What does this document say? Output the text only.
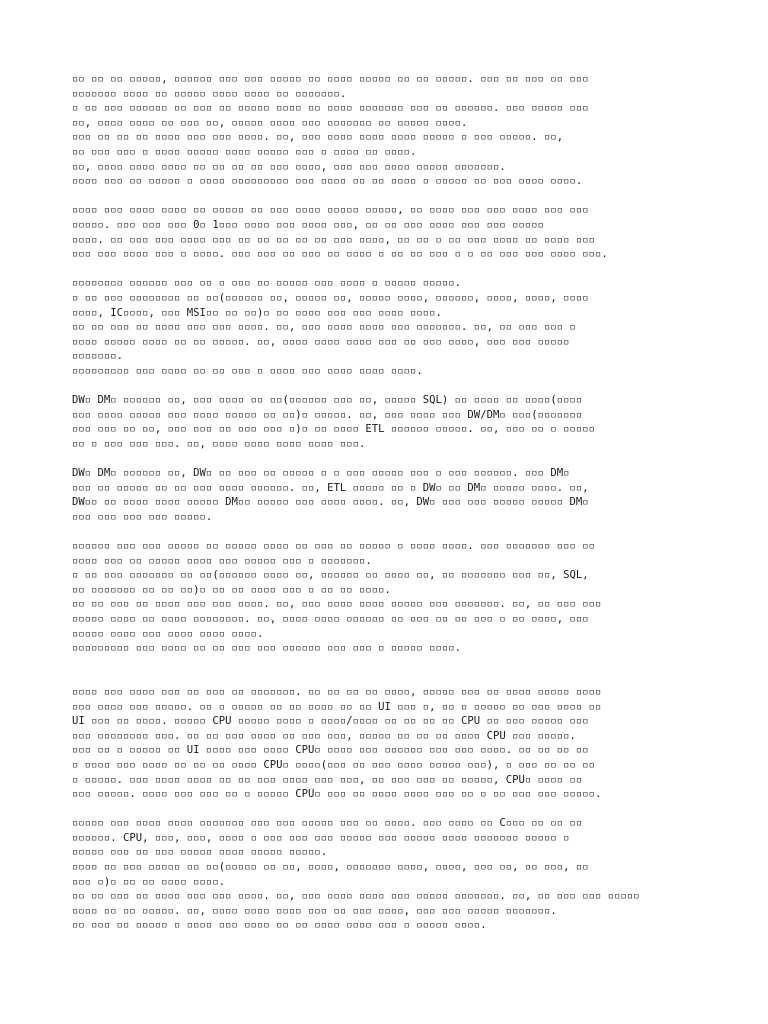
▫▫ ▫▫ ▫▫ ▫▫▫▫▫, ▫▫▫▫▫▫ ▫▫▫ ▫▫▫ ▫▫▫▫▫ ▫▫ ▫▫▫▫ ▫▫▫▫▫ ▫▫ ▫▫ ▫▫▫▫▫. ▫▫▫ ▫▫ ▫▫▫ ▫▫ ▫▫▫
▫▫▫▫▫▫▫ ▫▫▫▫ ▫▫ ▫▫▫▫▫ ▫▫▫▫ ▫▫▫▫ ▫▫ ▫▫▫▫▫▫▫.
▫ ▫▫ ▫▫▫ ▫▫▫▫▫▫ ▫▫ ▫▫▫ ▫▫ ▫▫▫▫▫ ▫▫▫▫ ▫▫ ▫▫▫▫ ▫▫▫▫▫▫▫ ▫▫▫ ▫▫ ▫▫▫▫▫▫. ▫▫▫ ▫▫▫▫▫ ▫▫▫
▫▫, ▫▫▫▫ ▫▫▫▫ ▫▫ ▫▫▫ ▫▫, ▫▫▫▫▫ ▫▫▫▫ ▫▫▫ ▫▫▫▫▫▫▫ ▫▫ ▫▫▫▫▫ ▫▫▫▫.
▫▫▫ ▫▫ ▫▫ ▫▫ ▫▫▫▫ ▫▫▫ ▫▫▫ ▫▫▫▫. ▫▫, ▫▫▫ ▫▫▫▫ ▫▫▫▫ ▫▫▫▫ ▫▫▫▫▫ ▫ ▫▫▫ ▫▫▫▫▫. ▫▫,
▫▫ ▫▫▫ ▫▫▫ ▫ ▫▫▫▫ ▫▫▫▫▫ ▫▫▫▫ ▫▫▫▫▫ ▫▫▫ ▫ ▫▫▫▫ ▫▫ ▫▫▫▫.
▫▫, ▫▫▫▫ ▫▫▫▫ ▫▫▫▫ ▫▫ ▫▫ ▫▫ ▫▫ ▫▫▫ ▫▫▫▫, ▫▫▫ ▫▫▫ ▫▫▫▫ ▫▫▫▫▫ ▫▫▫▫▫▫▫.
▫▫▫▫ ▫▫▫ ▫▫ ▫▫▫▫▫ ▫ ▫▫▫▫ ▫▫▫▫▫▫▫▫▫ ▫▫▫ ▫▫▫▫ ▫▫ ▫▫ ▫▫▫▫ ▫ ▫▫▫▫▫ ▫▫ ▫▫▫ ▫▫▫▫ ▫▫▫▫.
▫▫▫▫ ▫▫▫ ▫▫▫▫ ▫▫▫▫ ▫▫ ▫▫▫▫▫ ▫▫ ▫▫▫ ▫▫▫▫ ▫▫▫▫▫ ▫▫▫▫▫, ▫▫ ▫▫▫▫ ▫▫▫ ▫▫▫ ▫▫▫▫ ▫▫▫ ▫▫▫
▫▫▫▫▫. ▫▫▫ ▫▫▫ ▫▫▫ 0▫ 1▫▫▫ ▫▫▫▫ ▫▫▫ ▫▫▫▫ ▫▫▫, ▫▫ ▫▫ ▫▫▫ ▫▫▫▫ ▫▫▫ ▫▫▫ ▫▫▫▫▫
▫▫▫▫. ▫▫ ▫▫▫ ▫▫▫ ▫▫▫▫ ▫▫▫ ▫▫ ▫▫ ▫▫ ▫▫ ▫▫ ▫▫▫ ▫▫▫▫, ▫▫ ▫▫ ▫ ▫▫ ▫▫▫ ▫▫▫▫ ▫▫ ▫▫▫▫ ▫▫▫
▫▫▫ ▫▫▫ ▫▫▫▫ ▫▫▫ ▫ ▫▫▫▫. ▫▫▫ ▫▫▫ ▫▫ ▫▫▫ ▫▫ ▫▫▫▫ ▫ ▫▫ ▫▫ ▫▫▫ ▫ ▫ ▫▫ ▫▫▫ ▫▫▫ ▫▫▫▫ ▫▫▫.
▫▫▫▫▫▫▫▫ ▫▫▫▫▫▫ ▫▫▫ ▫▫ ▫ ▫▫▫ ▫▫ ▫▫▫▫▫ ▫▫▫ ▫▫▫▫ ▫ ▫▫▫▫▫ ▫▫▫▫▫.
▫ ▫▫ ▫▫▫ ▫▫▫▫▫▫▫▫ ▫▫ ▫▫(▫▫▫▫▫▫ ▫▫, ▫▫▫▫▫ ▫▫, ▫▫▫▫▫ ▫▫▫▫, ▫▫▫▫▫▫, ▫▫▫▫, ▫▫▫▫, ▫▫▫▫
▫▫▫▫, IC▫▫▫▫, ▫▫▫ MSI▫▫ ▫▫ ▫▫)▫ ▫▫ ▫▫▫▫ ▫▫▫ ▫▫▫ ▫▫▫▫ ▫▫▫▫.
▫▫ ▫▫ ▫▫▫ ▫▫ ▫▫▫▫ ▫▫▫ ▫▫▫ ▫▫▫▫. ▫▫, ▫▫▫ ▫▫▫▫ ▫▫▫▫ ▫▫▫ ▫▫▫▫▫▫▫. ▫▫, ▫▫ ▫▫▫ ▫▫▫ ▫
▫▫▫▫ ▫▫▫▫▫ ▫▫▫▫ ▫▫ ▫▫ ▫▫▫▫▫. ▫▫, ▫▫▫▫ ▫▫▫▫ ▫▫▫▫ ▫▫▫ ▫▫ ▫▫▫ ▫▫▫▫, ▫▫▫ ▫▫▫ ▫▫▫▫▫
▫▫▫▫▫▫▫.
▫▫▫▫▫▫▫▫▫ ▫▫▫ ▫▫▫▫ ▫▫ ▫▫ ▫▫▫ ▫ ▫▫▫▫ ▫▫▫ ▫▫▫▫ ▫▫▫▫ ▫▫▫▫.
DW▫ DM▫ ▫▫▫▫▫▫ ▫▫, ▫▫▫ ▫▫▫▫ ▫▫ ▫▫(▫▫▫▫▫▫ ▫▫▫ ▫▫, ▫▫▫▫▫ SQL) ▫▫ ▫▫▫▫ ▫▫ ▫▫▫▫(▫▫▫▫
▫▫▫ ▫▫▫▫ ▫▫▫▫▫ ▫▫▫ ▫▫▫▫ ▫▫▫▫▫ ▫▫ ▫▫)▫ ▫▫▫▫▫. ▫▫, ▫▫▫ ▫▫▫▫ ▫▫▫ DW/DM▫ ▫▫▫(▫▫▫▫▫▫▫
▫▫▫ ▫▫▫ ▫▫ ▫▫, ▫▫▫ ▫▫▫ ▫▫ ▫▫▫ ▫▫▫ ▫)▫ ▫▫ ▫▫▫▫ ETL ▫▫▫▫▫▫ ▫▫▫▫▫. ▫▫, ▫▫▫ ▫▫ ▫ ▫▫▫▫▫
▫▫ ▫ ▫▫▫ ▫▫▫ ▫▫▫. ▫▫, ▫▫▫▫ ▫▫▫▫ ▫▫▫▫ ▫▫▫▫ ▫▫▫.
DW▫ DM▫ ▫▫▫▫▫▫ ▫▫, DW▫ ▫▫ ▫▫▫ ▫▫ ▫▫▫▫▫ ▫ ▫ ▫▫▫ ▫▫▫▫▫ ▫▫▫ ▫ ▫▫▫ ▫▫▫▫▫▫. ▫▫▫ DM▫
▫▫▫ ▫▫ ▫▫▫▫▫ ▫▫ ▫▫ ▫▫▫ ▫▫▫▫ ▫▫▫▫▫▫. ▫▫, ETL ▫▫▫▫▫ ▫▫ ▫ DW▫ ▫▫ DM▫ ▫▫▫▫▫ ▫▫▫▫. ▫▫,
DW▫▫ ▫▫ ▫▫▫▫ ▫▫▫▫ ▫▫▫▫▫ DM▫▫ ▫▫▫▫▫ ▫▫▫ ▫▫▫▫ ▫▫▫▫. ▫▫, DW▫ ▫▫▫ ▫▫▫ ▫▫▫▫▫ ▫▫▫▫▫ DM▫
▫▫▫ ▫▫▫ ▫▫▫ ▫▫▫ ▫▫▫▫▫.
▫▫▫▫▫▫ ▫▫▫ ▫▫▫ ▫▫▫▫▫ ▫▫ ▫▫▫▫▫ ▫▫▫▫ ▫▫ ▫▫▫ ▫▫ ▫▫▫▫▫ ▫ ▫▫▫▫ ▫▫▫▫. ▫▫▫ ▫▫▫▫▫▫▫ ▫▫▫ ▫▫
▫▫▫▫ ▫▫▫ ▫▫ ▫▫▫▫▫ ▫▫▫▫ ▫▫▫ ▫▫▫▫▫ ▫▫▫ ▫ ▫▫▫▫▫▫▫.
▫ ▫▫ ▫▫▫ ▫▫▫▫▫▫▫ ▫▫ ▫▫(▫▫▫▫▫▫ ▫▫▫▫ ▫▫, ▫▫▫▫▫▫ ▫▫ ▫▫▫▫ ▫▫, ▫▫ ▫▫▫▫▫▫▫ ▫▫▫ ▫▫, SQL,
▫▫ ▫▫▫▫▫▫▫ ▫▫ ▫▫ ▫▫)▫ ▫▫ ▫▫ ▫▫▫▫ ▫▫▫ ▫ ▫▫ ▫▫ ▫▫▫▫.
▫▫ ▫▫ ▫▫▫ ▫▫ ▫▫▫▫ ▫▫▫ ▫▫▫ ▫▫▫▫. ▫▫, ▫▫▫ ▫▫▫▫ ▫▫▫▫ ▫▫▫▫▫ ▫▫▫ ▫▫▫▫▫▫▫. ▫▫, ▫▫ ▫▫▫ ▫▫▫
▫▫▫▫▫ ▫▫▫▫ ▫▫ ▫▫▫▫ ▫▫▫▫▫▫▫▫. ▫▫, ▫▫▫▫ ▫▫▫▫ ▫▫▫▫▫▫ ▫▫ ▫▫▫ ▫▫ ▫▫ ▫▫▫ ▫ ▫▫ ▫▫▫▫, ▫▫▫
▫▫▫▫▫ ▫▫▫▫ ▫▫▫ ▫▫▫▫ ▫▫▫▫ ▫▫▫▫.
▫▫▫▫▫▫▫▫▫ ▫▫▫ ▫▫▫▫ ▫▫ ▫▫ ▫▫▫ ▫▫▫ ▫▫▫▫▫▫ ▫▫▫ ▫▫▫ ▫ ▫▫▫▫▫ ▫▫▫▫.
▫▫▫▫ ▫▫▫ ▫▫▫▫ ▫▫▫ ▫▫ ▫▫▫ ▫▫ ▫▫▫▫▫▫▫. ▫▫ ▫▫ ▫▫ ▫▫ ▫▫▫▫, ▫▫▫▫▫ ▫▫▫ ▫▫ ▫▫▫▫ ▫▫▫▫▫ ▫▫▫▫
▫▫▫ ▫▫▫▫ ▫▫▫ ▫▫▫▫▫. ▫▫ ▫ ▫▫▫▫▫ ▫▫ ▫▫ ▫▫▫▫ ▫▫ ▫▫ UI ▫▫▫ ▫, ▫▫ ▫ ▫▫▫▫▫ ▫▫ ▫▫▫ ▫▫▫▫ ▫▫
UI ▫▫▫ ▫▫ ▫▫▫▫. ▫▫▫▫▫ CPU ▫▫▫▫▫ ▫▫▫▫ ▫ ▫▫▫▫/▫▫▫▫ ▫▫ ▫▫ ▫▫ ▫▫ CPU ▫▫ ▫▫▫ ▫▫▫▫▫ ▫▫▫
▫▫▫ ▫▫▫▫▫▫▫▫ ▫▫▫. ▫▫ ▫▫ ▫▫▫ ▫▫▫▫ ▫▫ ▫▫▫ ▫▫▫, ▫▫▫▫▫ ▫▫ ▫▫ ▫▫ ▫▫▫▫ CPU ▫▫▫ ▫▫▫▫▫.
▫▫▫ ▫▫ ▫ ▫▫▫▫▫ ▫▫ UI ▫▫▫▫ ▫▫▫ ▫▫▫▫ CPU▫ ▫▫▫▫ ▫▫▫ ▫▫▫▫▫▫ ▫▫▫ ▫▫▫ ▫▫▫▫. ▫▫ ▫▫ ▫▫ ▫▫
▫ ▫▫▫▫ ▫▫▫ ▫▫▫▫ ▫▫ ▫▫ ▫▫ ▫▫▫▫ CPU▫ ▫▫▫▫(▫▫▫ ▫▫ ▫▫▫ ▫▫▫▫ ▫▫▫▫▫ ▫▫▫), ▫ ▫▫▫ ▫▫ ▫▫ ▫▫
▫ ▫▫▫▫▫. ▫▫▫ ▫▫▫▫ ▫▫▫▫ ▫▫ ▫▫ ▫▫▫ ▫▫▫▫ ▫▫▫ ▫▫▫, ▫▫ ▫▫▫ ▫▫▫ ▫▫ ▫▫▫▫▫, CPU▫ ▫▫▫▫ ▫▫
▫▫▫ ▫▫▫▫▫. ▫▫▫▫ ▫▫▫ ▫▫▫ ▫▫ ▫ ▫▫▫▫▫ CPU▫ ▫▫▫ ▫▫ ▫▫▫▫ ▫▫▫▫ ▫▫▫ ▫▫ ▫ ▫▫ ▫▫▫ ▫▫▫ ▫▫▫▫▫.
▫▫▫▫▫ ▫▫▫ ▫▫▫▫ ▫▫▫▫ ▫▫▫▫▫▫▫ ▫▫▫ ▫▫▫ ▫▫▫▫▫ ▫▫▫ ▫▫ ▫▫▫▫. ▫▫▫ ▫▫▫▫ ▫▫ C▫▫▫ ▫▫ ▫▫ ▫▫
▫▫▫▫▫▫. CPU, ▫▫▫, ▫▫▫, ▫▫▫▫ ▫ ▫▫▫ ▫▫▫ ▫▫▫ ▫▫▫▫▫ ▫▫▫ ▫▫▫▫▫ ▫▫▫▫ ▫▫▫▫▫▫▫ ▫▫▫▫▫ ▫
▫▫▫▫▫ ▫▫▫ ▫▫ ▫▫▫ ▫▫▫▫▫ ▫▫▫▫ ▫▫▫▫▫ ▫▫▫▫▫.
▫▫▫▫ ▫▫ ▫▫▫ ▫▫▫▫▫ ▫▫ ▫▫(▫▫▫▫▫ ▫▫ ▫▫, ▫▫▫▫, ▫▫▫▫▫▫▫ ▫▫▫▫, ▫▫▫▫, ▫▫▫ ▫▫, ▫▫ ▫▫▫, ▫▫
▫▫▫ ▫)▫ ▫▫ ▫▫ ▫▫▫▫ ▫▫▫▫.
▫▫ ▫▫ ▫▫▫ ▫▫ ▫▫▫▫ ▫▫▫ ▫▫▫ ▫▫▫▫. ▫▫, ▫▫▫ ▫▫▫▫ ▫▫▫▫ ▫▫▫ ▫▫▫▫▫ ▫▫▫▫▫▫▫. ▫▫, ▫▫ ▫▫▫ ▫▫▫ ▫▫▫▫▫
▫▫▫▫ ▫▫ ▫▫ ▫▫▫▫▫. ▫▫, ▫▫▫▫ ▫▫▫▫ ▫▫▫▫ ▫▫▫ ▫▫ ▫▫▫ ▫▫▫▫, ▫▫▫ ▫▫▫ ▫▫▫▫▫ ▫▫▫▫▫▫▫.
▫▫ ▫▫▫ ▫▫ ▫▫▫▫▫ ▫ ▫▫▫▫ ▫▫▫ ▫▫▫▫ ▫▫ ▫▫ ▫▫▫▫ ▫▫▫▫ ▫▫▫ ▫ ▫▫▫▫▫ ▫▫▫▫.
